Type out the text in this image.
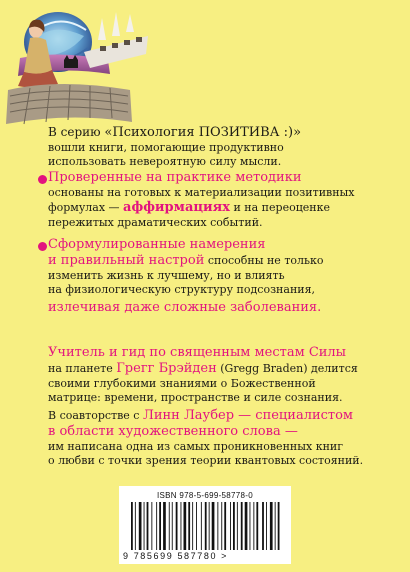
В серию «Психология ПОЗИТИВА :)»

вошли книги, помогающие продуктивно

использовать невероятную силу мысли.

Проверенные на практике методики

основаны на готовых к материализации позитивных

формулах — аффирмациях и на переоценке

пережитых драматических событий.

Сформулированные намерения

и правильный настрой способны не только

изменить жизнь к лучшему, но и влиять

на физиологическую структуру подсознания,

излечивая даже сложные заболевания.

Учитель и гид по священным местам Силы

на планете Грегг Брэйден (Gregg Braden) делится

своими глубокими знаниями о Божественной

матрице: времени, пространстве и силе сознания.

В соавторстве с Линн Лаубер — специалистом

в области художественного слова —

им написана одна из самых проникновенных книг

о любви с точки зрения теории квантовых состояний.

ISBN 978-5-699-58778-0
9 785699 587780 >
